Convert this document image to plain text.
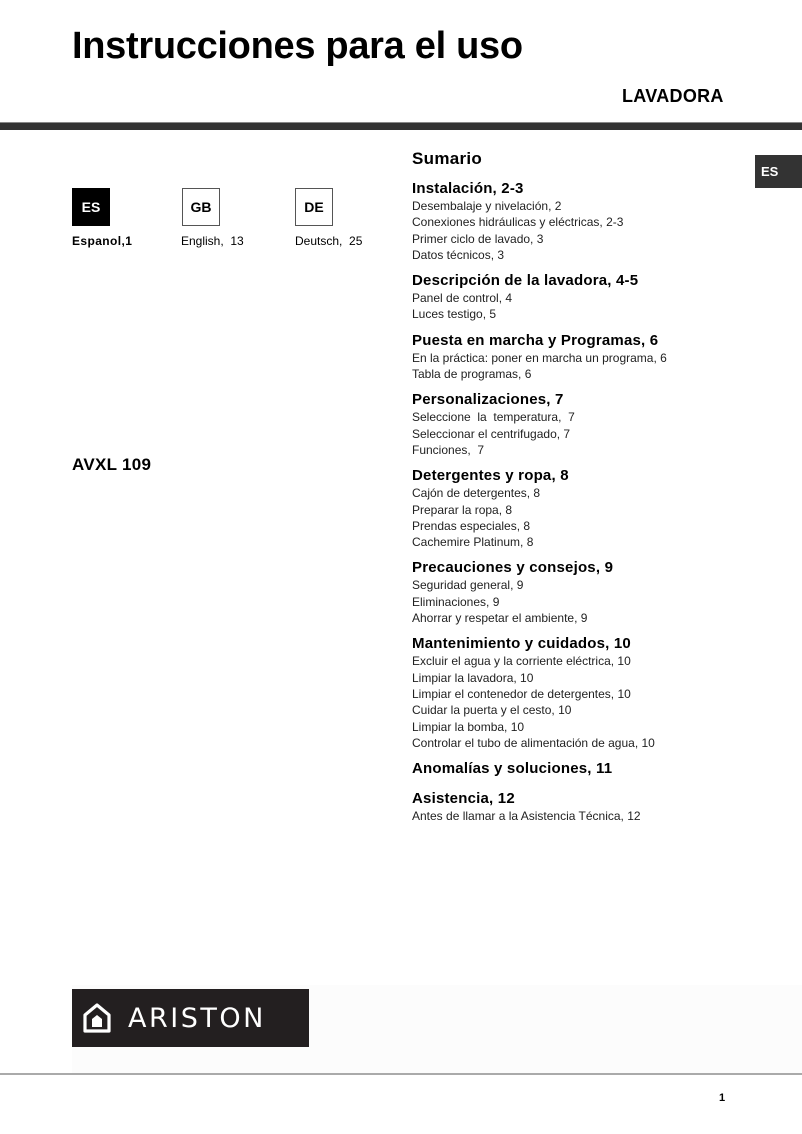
Instrucciones para el uso
LAVADORA
ES
ES
Espanol,1
GB
English,  13
DE
Deutsch,  25
AVXL 109
Sumario
Instalación, 2-3
Desembalaje y nivelación, 2
Conexiones hidráulicas y eléctricas, 2-3
Primer ciclo de lavado, 3
Datos técnicos, 3
Descripción de la lavadora, 4-5
Panel de control, 4
Luces testigo, 5
Puesta en marcha y Programas, 6
En la práctica: poner en marcha un programa, 6
Tabla de programas, 6
Personalizaciones, 7
Seleccione  la  temperatura,  7
Seleccionar el centrifugado, 7
Funciones,  7
Detergentes y ropa, 8
Cajón de detergentes, 8
Preparar la ropa, 8
Prendas especiales, 8
Cachemire Platinum, 8
Precauciones y consejos, 9
Seguridad general, 9
Eliminaciones, 9
Ahorrar y respetar el ambiente, 9
Mantenimiento y cuidados, 10
Excluir el agua y la corriente eléctrica, 10
Limpiar la lavadora, 10
Limpiar el contenedor de detergentes, 10
Cuidar la puerta y el cesto, 10
Limpiar la bomba, 10
Controlar el tubo de alimentación de agua, 10
Anomalías y soluciones, 11
Asistencia, 12
Antes de llamar a la Asistencia Técnica, 12
ARISTON
1
